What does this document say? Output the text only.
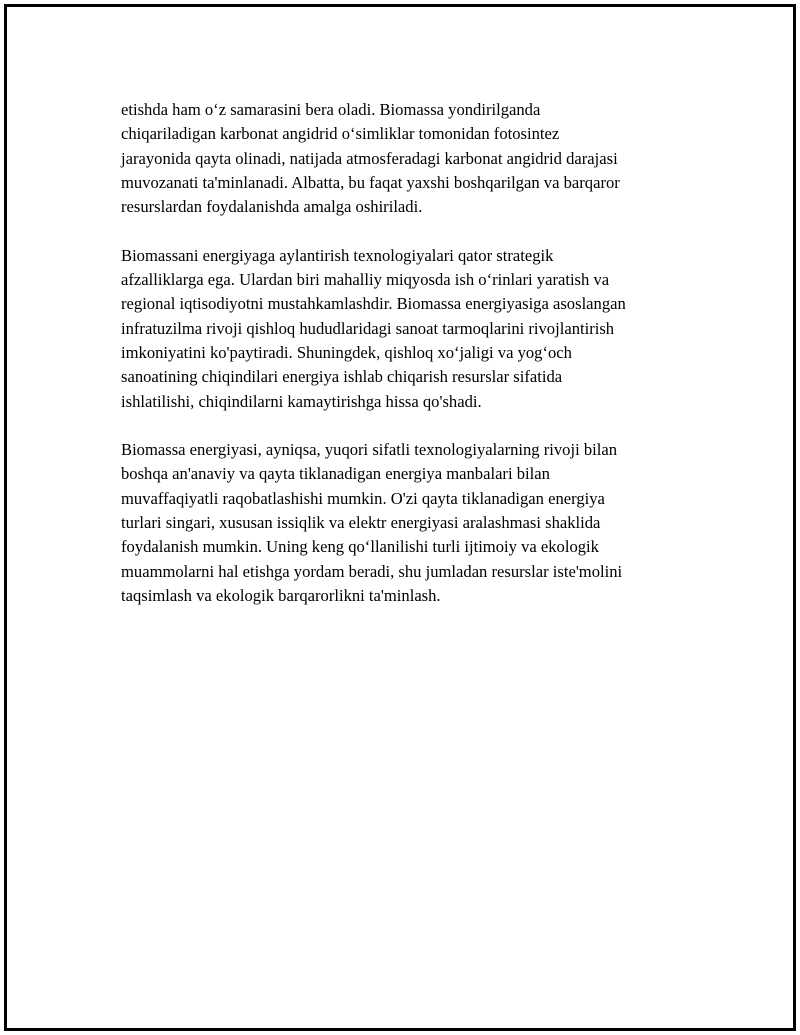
etishda ham o‘z samarasini bera oladi. Biomassa yondirilganda
chiqariladigan karbonat angidrid o‘simliklar tomonidan fotosintez
jarayonida qayta olinadi, natijada atmosferadagi karbonat angidrid darajasi
muvozanati ta'minlanadi. Albatta, bu faqat yaxshi boshqarilgan va barqaror
resurslardan foydalanishda amalga oshiriladi.

Biomassani energiyaga aylantirish texnologiyalari qator strategik
afzalliklarga ega. Ulardan biri mahalliy miqyosda ish o‘rinlari yaratish va
regional iqtisodiyotni mustahkamlashdir. Biomassa energiyasiga asoslangan
infratuzilma rivoji qishloq hududlaridagi sanoat tarmoqlarini rivojlantirish
imkoniyatini ko'paytiradi. Shuningdek, qishloq xo‘jaligi va yog‘och
sanoatining chiqindilari energiya ishlab chiqarish resurslar sifatida
ishlatilishi, chiqindilarni kamaytirishga hissa qo'shadi.

Biomassa energiyasi, ayniqsa, yuqori sifatli texnologiyalarning rivoji bilan
boshqa an'anaviy va qayta tiklanadigan energiya manbalari bilan
muvaffaqiyatli raqobatlashishi mumkin. O'zi qayta tiklanadigan energiya
turlari singari, xususan issiqlik va elektr energiyasi aralashmasi shaklida
foydalanish mumkin. Uning keng qo‘llanilishi turli ijtimoiy va ekologik
muammolarni hal etishga yordam beradi, shu jumladan resurslar iste'molini
taqsimlash va ekologik barqarorlikni ta'minlash.
